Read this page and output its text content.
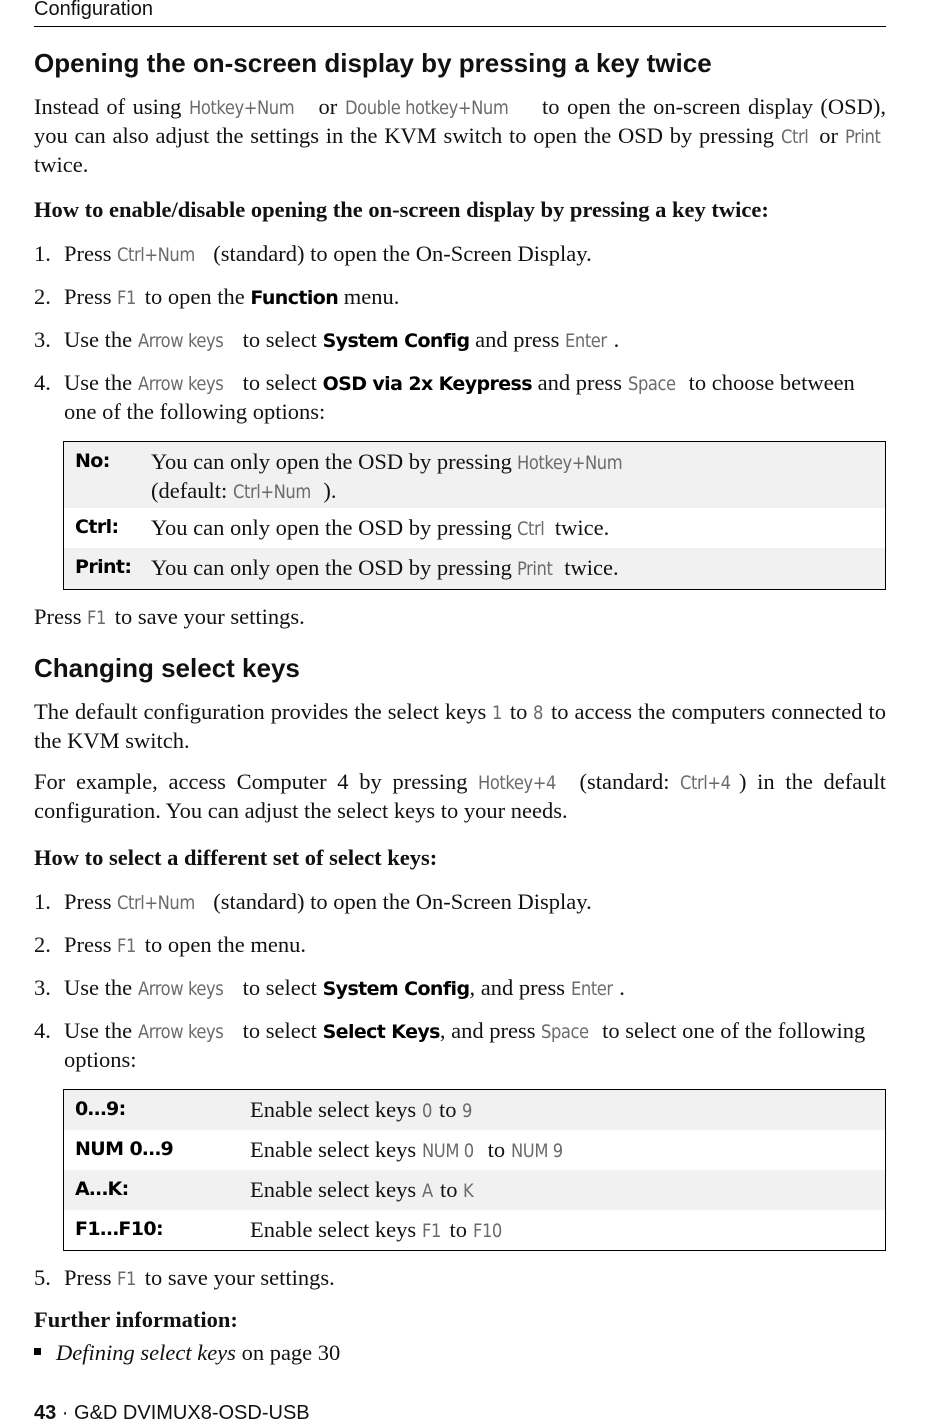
Configuration
Opening the on-screen display by pressing a key twice

Instead of using Hotkey+Num or Double hotkey+Num to open the on-screen display (OSD), you can also adjust the settings in the KVM switch to open the OSD by pressing Ctrl or Print twice.

How to enable/disable opening the on-screen display by pressing a key twice:

1. Press Ctrl+Num (standard) to open the On-Screen Display.
2. Press F1 to open the Function menu.
3. Use the Arrow keys to select System Config and press Enter .
4. Use the Arrow keys to select OSD via 2x Keypress and press Space to choose between one of the following options:
No: You can only open the OSD by pressing Hotkey+Num
(default: Ctrl+Num ).
Ctrl: You can only open the OSD by pressing Ctrl twice.
Print: You can only open the OSD by pressing Print twice.

Press F1 to save your settings.

Changing select keys

The default configuration provides the select keys 1 to 8 to access the computers connected to the KVM switch.

For example, access Computer 4 by pressing Hotkey+4 (standard: Ctrl+4 ) in the default configuration. You can adjust the select keys to your needs.

How to select a different set of select keys:

1. Press Ctrl+Num (standard) to open the On-Screen Display.
2. Press F1 to open the menu.
3. Use the Arrow keys to select System Config, and press Enter .
4. Use the Arrow keys to select Select Keys, and press Space to select one of the following options:
0…9:	Enable select keys 0 to 9
NUM 0…9	Enable select keys NUM 0 to NUM 9
A…K:	Enable select keys A to K
F1…F10:	Enable select keys F1 to F10
5. Press F1 to save your settings.

Further information:

Defining select keys on page 30
43 · G&D DVIMUX8-OSD-USB
